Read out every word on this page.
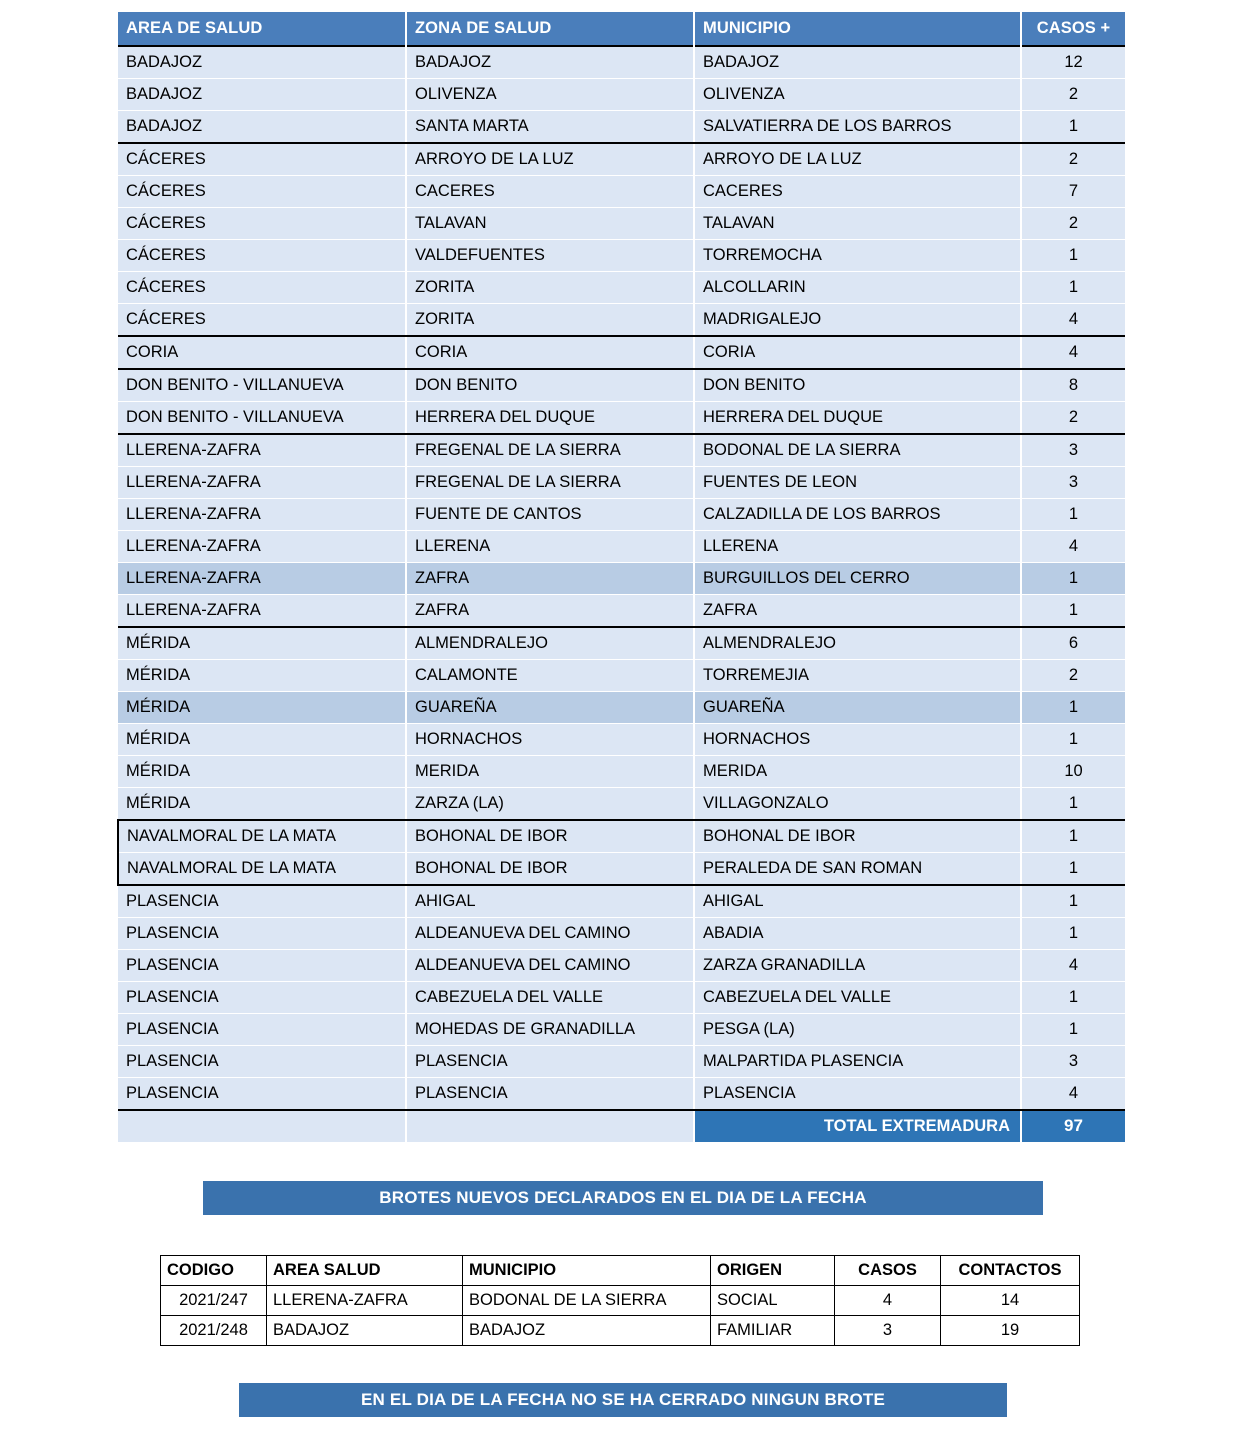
AREA DE SALUD	ZONA DE SALUD	MUNICIPIO	CASOS +
BADAJOZ	BADAJOZ	BADAJOZ	12
BADAJOZ	OLIVENZA	OLIVENZA	2
BADAJOZ	SANTA MARTA	SALVATIERRA DE LOS BARROS	1
CÁCERES	ARROYO DE LA LUZ	ARROYO DE LA LUZ	2
CÁCERES	CACERES	CACERES	7
CÁCERES	TALAVAN	TALAVAN	2
CÁCERES	VALDEFUENTES	TORREMOCHA	1
CÁCERES	ZORITA	ALCOLLARIN	1
CÁCERES	ZORITA	MADRIGALEJO	4
CORIA	CORIA	CORIA	4
DON BENITO - VILLANUEVA	DON BENITO	DON BENITO	8
DON BENITO - VILLANUEVA	HERRERA DEL DUQUE	HERRERA DEL DUQUE	2
LLERENA-ZAFRA	FREGENAL DE LA SIERRA	BODONAL DE LA SIERRA	3
LLERENA-ZAFRA	FREGENAL DE LA SIERRA	FUENTES DE LEON	3
LLERENA-ZAFRA	FUENTE DE CANTOS	CALZADILLA DE LOS BARROS	1
LLERENA-ZAFRA	LLERENA	LLERENA	4
LLERENA-ZAFRA	ZAFRA	BURGUILLOS DEL CERRO	1
LLERENA-ZAFRA	ZAFRA	ZAFRA	1
MÉRIDA	ALMENDRALEJO	ALMENDRALEJO	6
MÉRIDA	CALAMONTE	TORREMEJIA	2
MÉRIDA	GUAREÑA	GUAREÑA	1
MÉRIDA	HORNACHOS	HORNACHOS	1
MÉRIDA	MERIDA	MERIDA	10
MÉRIDA	ZARZA (LA)	VILLAGONZALO	1
NAVALMORAL DE LA MATA	BOHONAL DE IBOR	BOHONAL DE IBOR	1
NAVALMORAL DE LA MATA	BOHONAL DE IBOR	PERALEDA DE SAN ROMAN	1
PLASENCIA	AHIGAL	AHIGAL	1
PLASENCIA	ALDEANUEVA DEL CAMINO	ABADIA	1
PLASENCIA	ALDEANUEVA DEL CAMINO	ZARZA GRANADILLA	4
PLASENCIA	CABEZUELA DEL VALLE	CABEZUELA DEL VALLE	1
PLASENCIA	MOHEDAS DE GRANADILLA	PESGA (LA)	1
PLASENCIA	PLASENCIA	MALPARTIDA PLASENCIA	3
PLASENCIA	PLASENCIA	PLASENCIA	4
		TOTAL EXTREMADURA	97
BROTES NUEVOS DECLARADOS EN EL DIA DE LA FECHA
CODIGO	AREA SALUD	MUNICIPIO	ORIGEN	CASOS	CONTACTOS
2021/247	LLERENA-ZAFRA	BODONAL DE LA SIERRA	SOCIAL	4	14
2021/248	BADAJOZ	BADAJOZ	FAMILIAR	3	19
EN EL DIA DE LA FECHA NO SE HA CERRADO NINGUN BROTE
